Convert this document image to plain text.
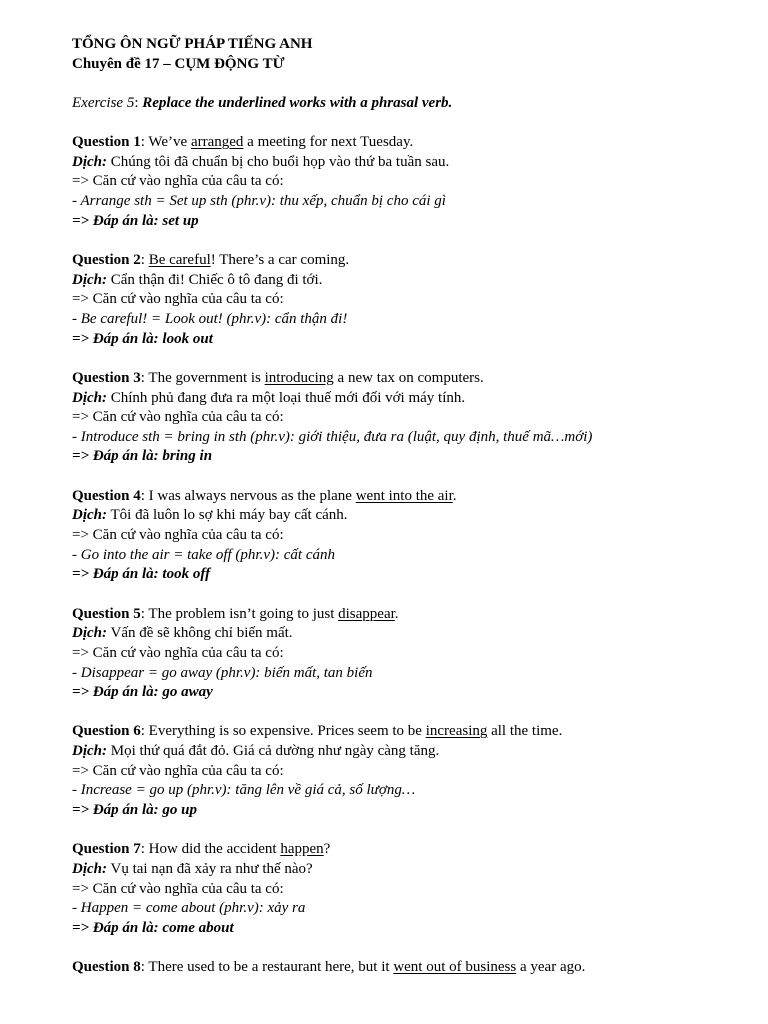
TỔNG ÔN NGỮ PHÁP TIẾNG ANH
Chuyên đề 17 – CỤM ĐỘNG TỪ
Exercise 5: Replace the underlined works with a phrasal verb.
Question 1: We’ve arranged a meeting for next Tuesday.
Dịch: Chúng tôi đã chuẩn bị cho buổi họp vào thứ ba tuần sau.
=> Căn cứ vào nghĩa của câu ta có:
- Arrange sth = Set up sth (phr.v): thu xếp, chuẩn bị cho cái gì
=> Đáp án là: set up
Question 2: Be careful! There’s a car coming.
Dịch: Cẩn thận đi! Chiếc ô tô đang đi tới.
=> Căn cứ vào nghĩa của câu ta có:
- Be careful! = Look out! (phr.v): cẩn thận đi!
=> Đáp án là: look out
Question 3: The government is introducing a new tax on computers.
Dịch: Chính phủ đang đưa ra một loại thuế mới đối với máy tính.
=> Căn cứ vào nghĩa của câu ta có:
- Introduce sth = bring in sth (phr.v): giới thiệu, đưa ra (luật, quy định, thuế mã…mới)
=> Đáp án là: bring in
Question 4: I was always nervous as the plane went into the air.
Dịch: Tôi đã luôn lo sợ khi máy bay cất cánh.
=> Căn cứ vào nghĩa của câu ta có:
- Go into the air = take off (phr.v): cất cánh
=> Đáp án là: took off
Question 5: The problem isn’t going to just disappear.
Dịch: Vấn đề sẽ không chỉ biến mất.
=> Căn cứ vào nghĩa của câu ta có:
- Disappear = go away (phr.v): biến mất, tan biến
=> Đáp án là: go away
Question 6: Everything is so expensive. Prices seem to be increasing all the time.
Dịch: Mọi thứ quá đắt đỏ. Giá cả dường như ngày càng tăng.
=> Căn cứ vào nghĩa của câu ta có:
- Increase = go up (phr.v): tăng lên về giá cả, số lượng…
=> Đáp án là: go up
Question 7: How did the accident happen?
Dịch: Vụ tai nạn đã xảy ra như thế nào?
=> Căn cứ vào nghĩa của câu ta có:
- Happen = come about (phr.v): xảy ra
=> Đáp án là: come about
Question 8: There used to be a restaurant here, but it went out of business a year ago.
